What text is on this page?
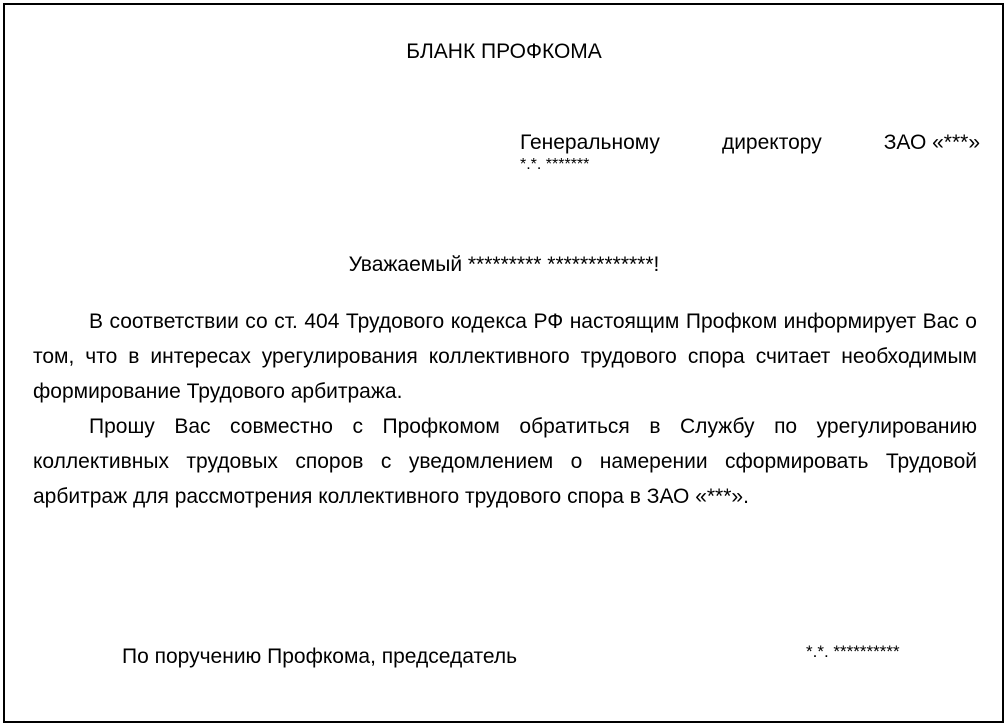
БЛАНК ПРОФКОМА
Генеральному	директору	ЗАО «***»
*.*. *******
Уважаемый ********* *************!
В соответствии со ст. 404 Трудового кодекса РФ настоящим Профком информирует Вас о том, что в интересах урегулирования коллективного трудового спора считает необходимым формирование Трудового арбитража.
Прошу Вас совместно с Профкомом обратиться в Службу по урегулированию коллективных трудовых споров с уведомлением о намерении сформировать Трудовой арбитраж для рассмотрения коллективного трудового спора в ЗАО «***».
По поручению Профкома, председатель	*.*. **********
